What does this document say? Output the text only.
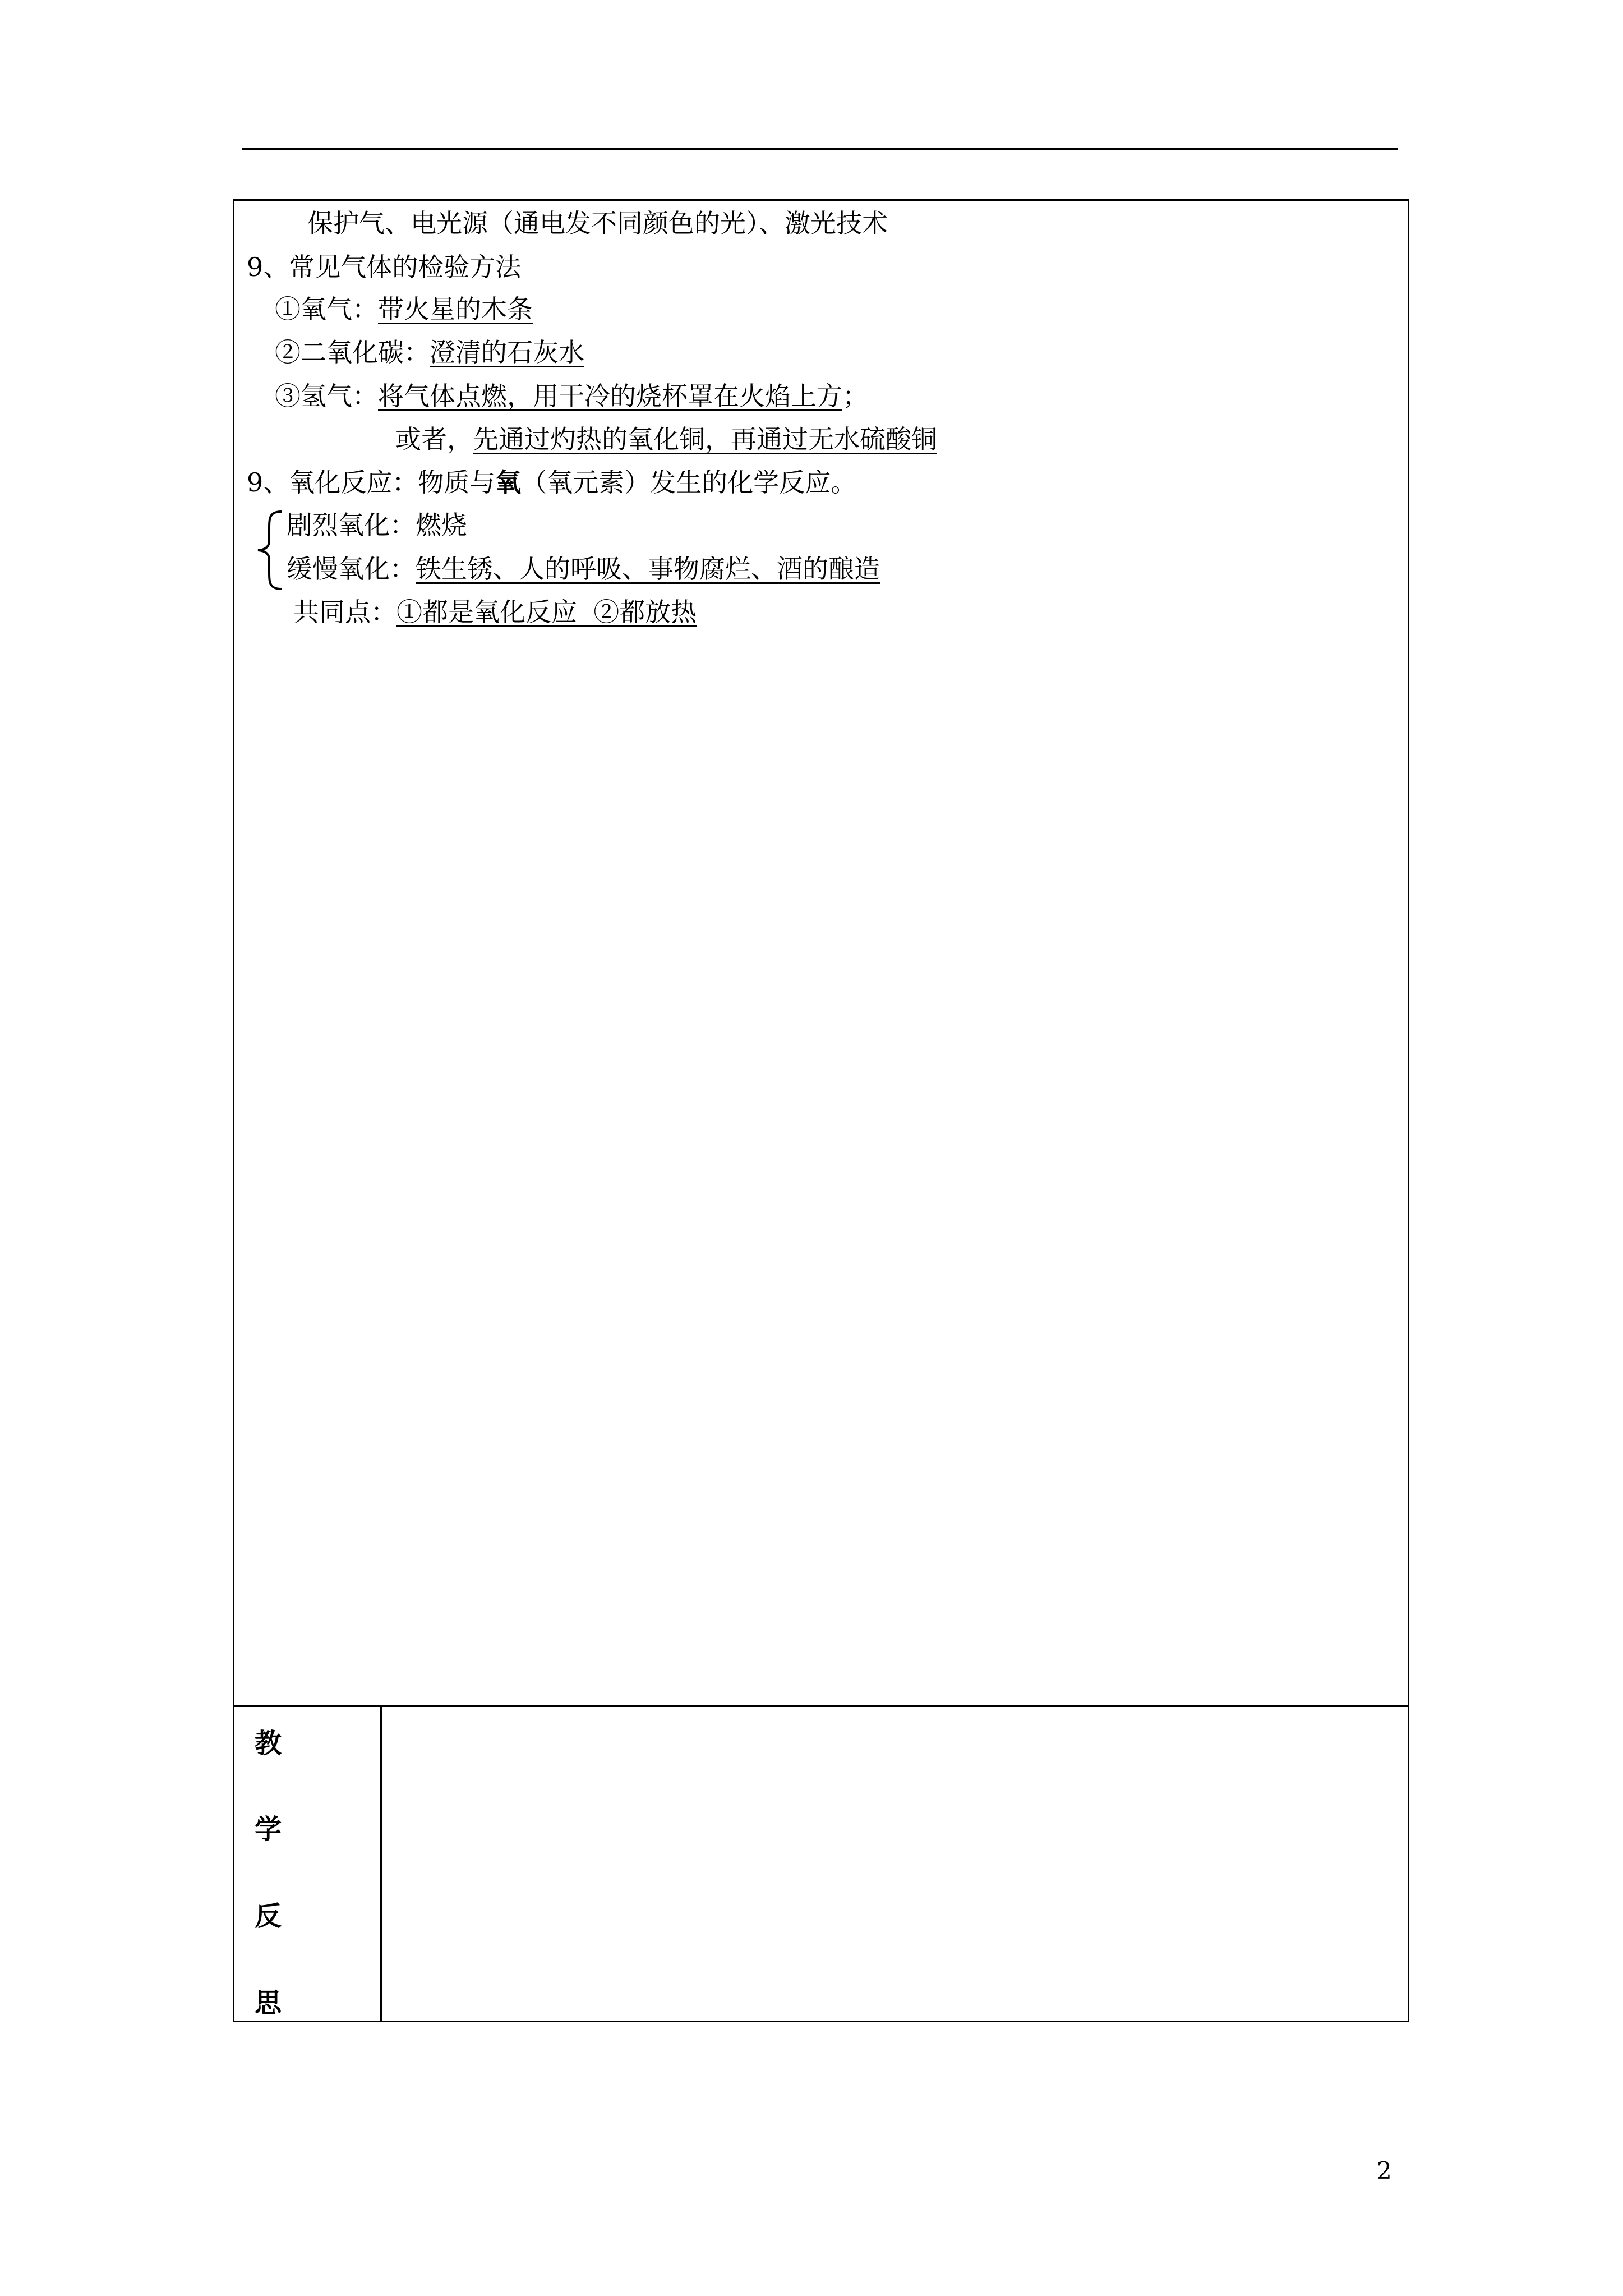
保护气、电光源（通电发不同颜色的光）、激光技术
9、常见气体的检验方法
①氧气：带火星的木条
②二氧化碳：澄清的石灰水
③氢气：将气体点燃，用干冷的烧杯罩在火焰上方；
或者，先通过灼热的氧化铜，再通过无水硫酸铜
9、氧化反应：物质与氧（氧元素）发生的化学反应。
剧烈氧化：燃烧
缓慢氧化：铁生锈、人的呼吸、事物腐烂、酒的酿造
共同点：①都是氧化反应  ②都放热
教
学
反
思
2
